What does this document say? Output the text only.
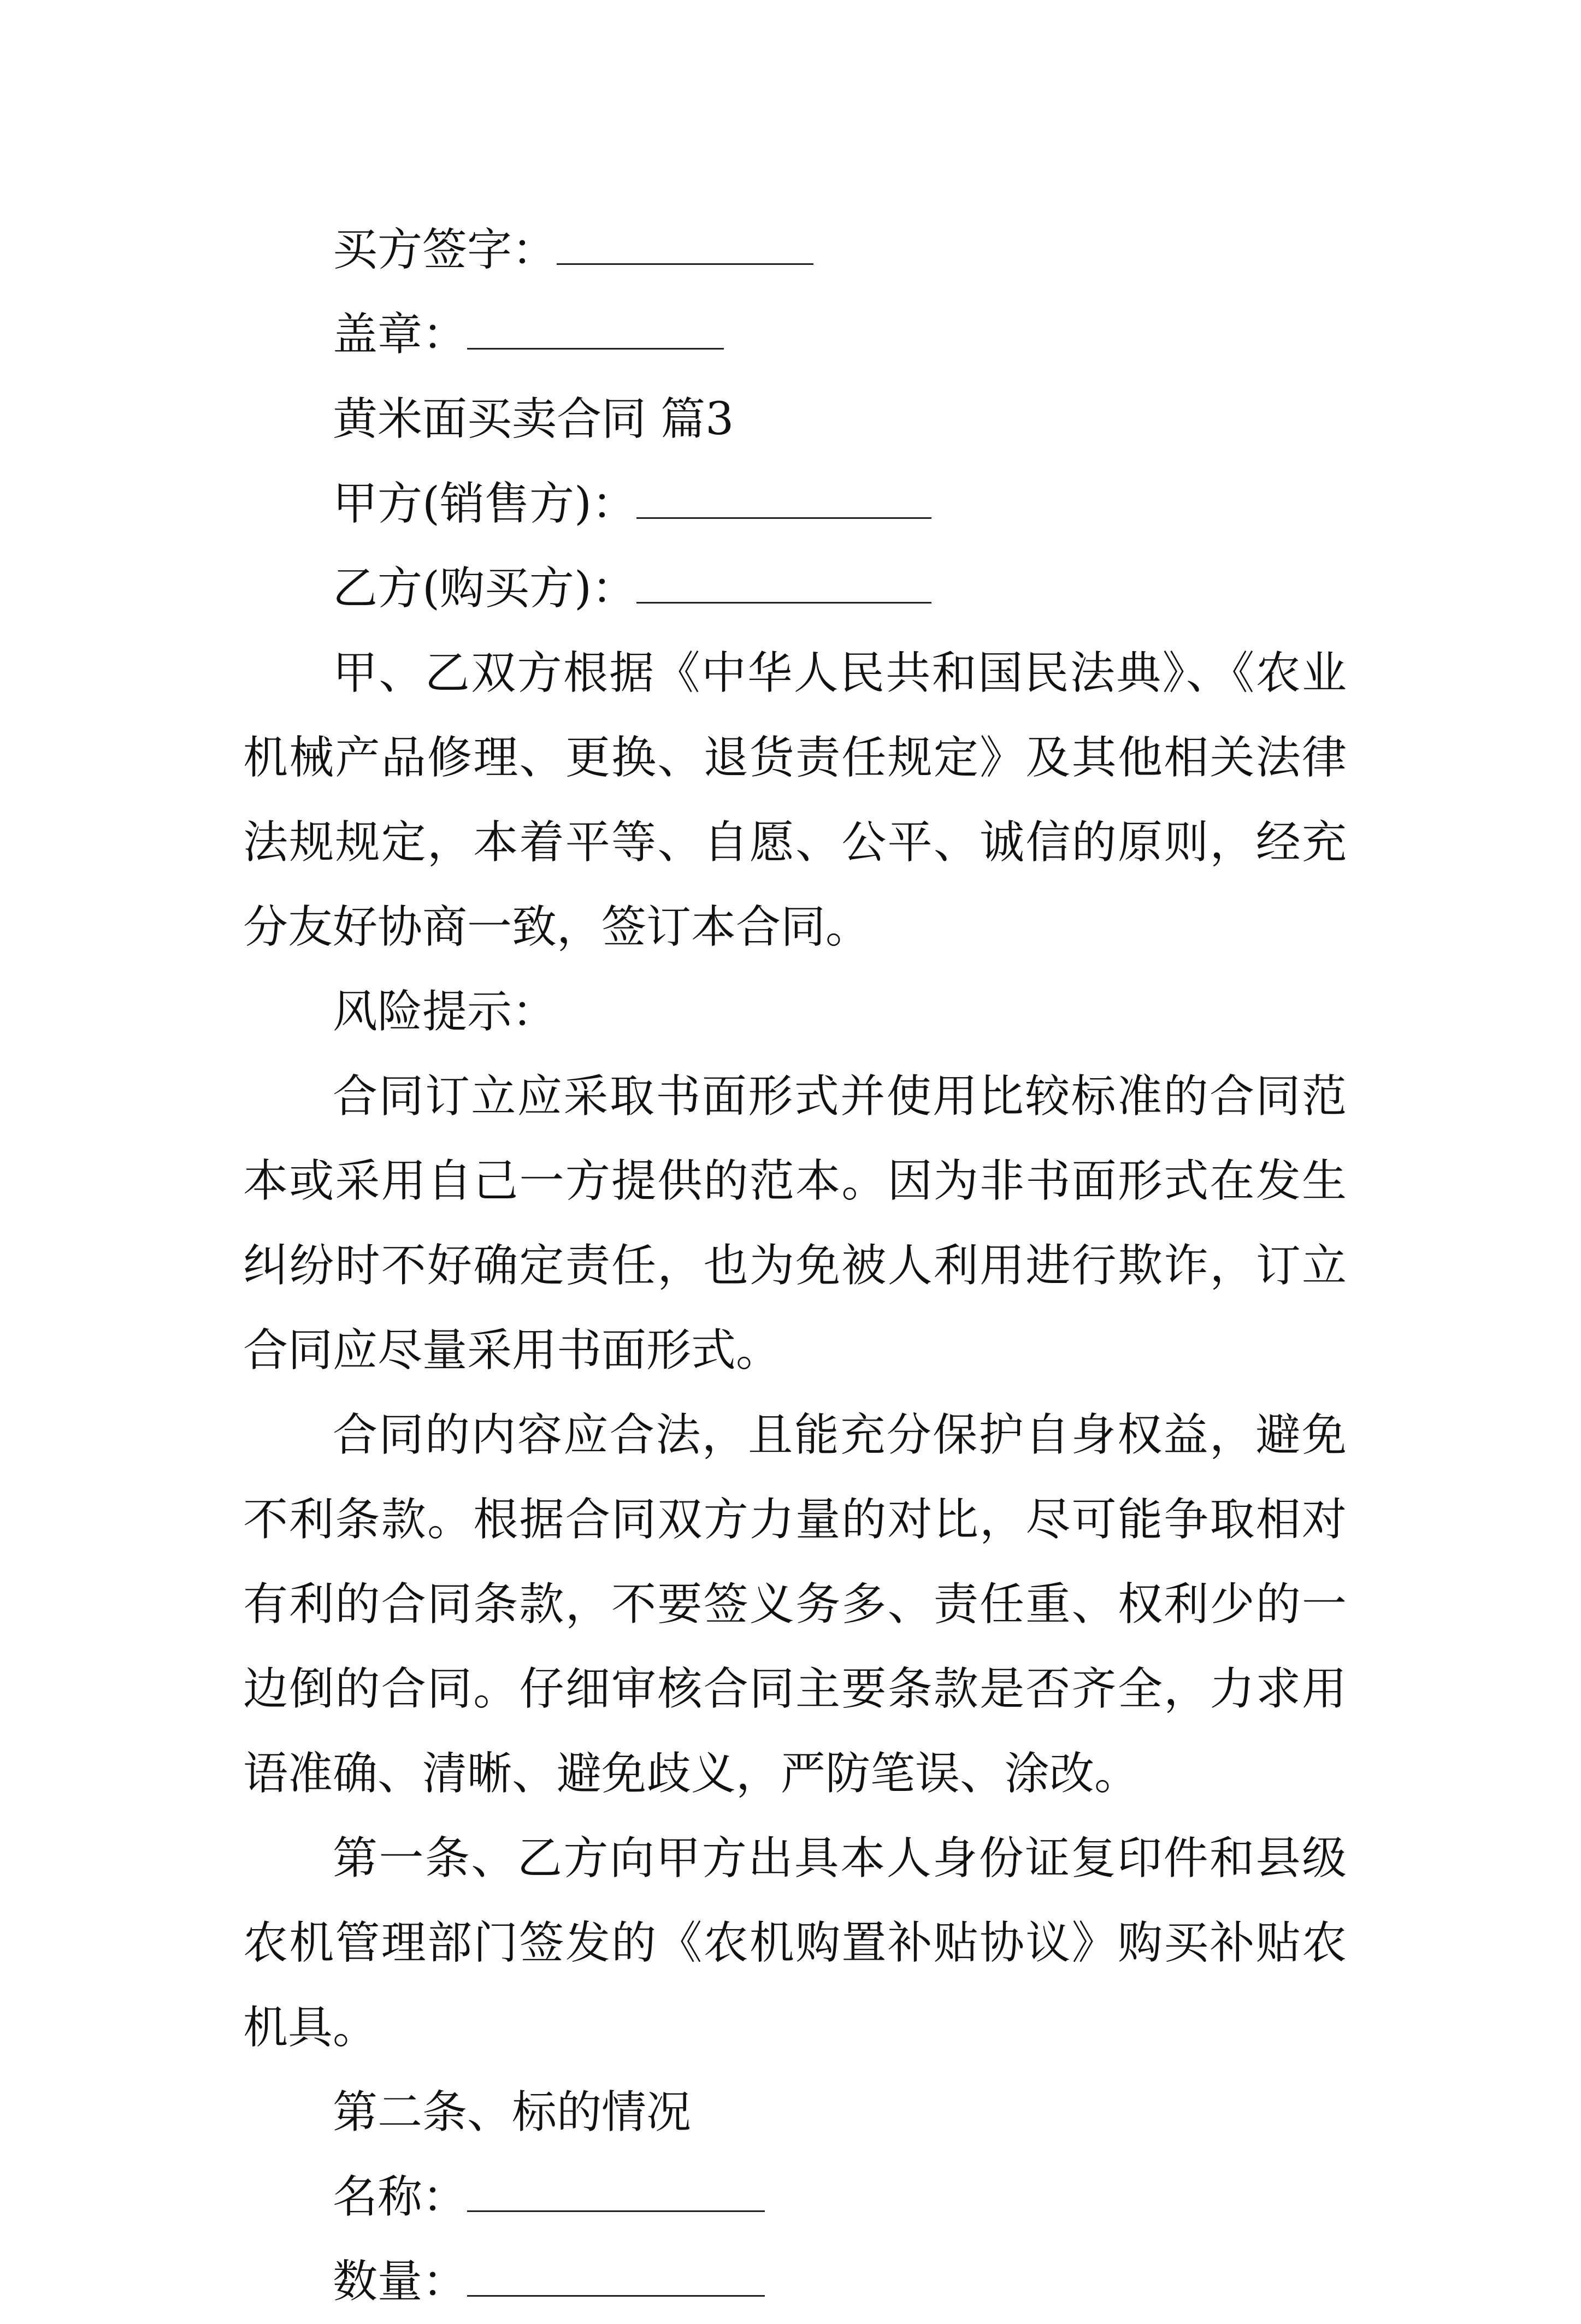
买方签字：

盖章：

黄米面买卖合同 篇3

甲方(销售方)：

乙方(购买方)：

甲、乙双方根据《中华人民共和国民法典》、《农业机械产品修理、更换、退货责任规定》及其他相关法律法规规定，本着平等、自愿、公平、诚信的原则，经充分友好协商一致，签订本合同。

风险提示：

合同订立应采取书面形式并使用比较标准的合同范本或采用自己一方提供的范本。因为非书面形式在发生纠纷时不好确定责任，也为免被人利用进行欺诈，订立合同应尽量采用书面形式。

合同的内容应合法，且能充分保护自身权益，避免不利条款。根据合同双方力量的对比，尽可能争取相对有利的合同条款，不要签义务多、责任重、权利少的一边倒的合同。仔细审核合同主要条款是否齐全，力求用语准确、清晰、避免歧义，严防笔误、涂改。

第一条、乙方向甲方出具本人身份证复印件和县级农机管理部门签发的《农机购置补贴协议》购买补贴农机具。

第二条、标的情况

名称：

数量：
